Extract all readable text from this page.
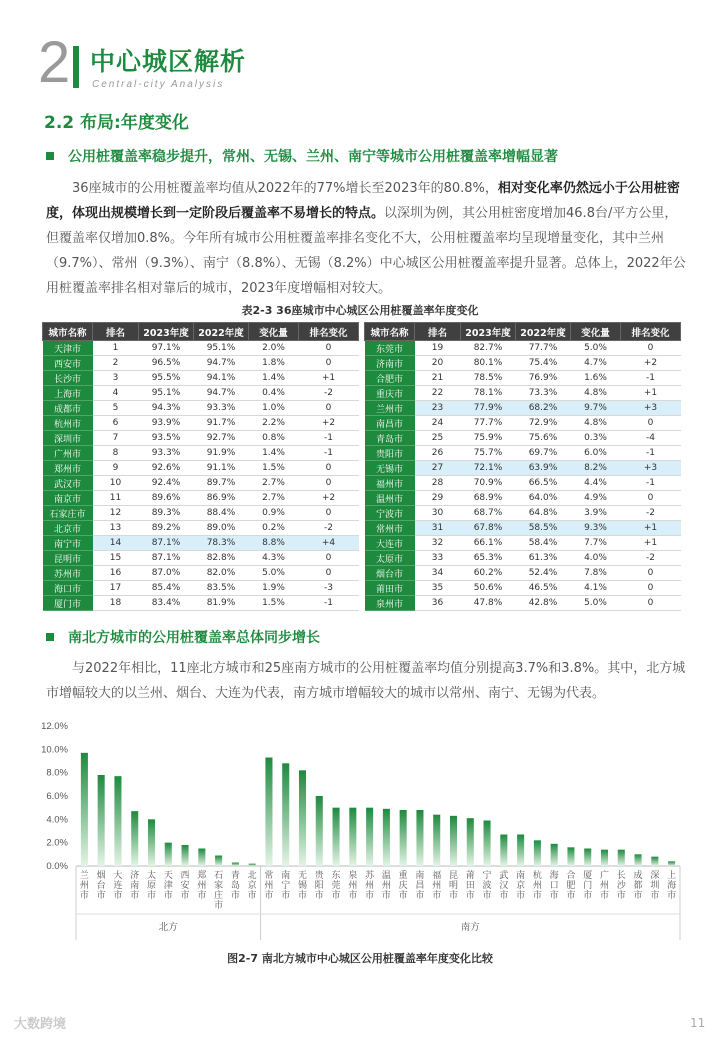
2 中心城区解析
Central-city Analysis
2.2 布局:年度变化
公用桩覆盖率稳步提升，常州、无锡、兰州、南宁等城市公用桩覆盖率增幅显著
36座城市的公用桩覆盖率均值从2022年的77%增长至2023年的80.8%，相对变化率仍然远小于公用桩密度，体现出规模增长到一定阶段后覆盖率不易增长的特点。以深圳为例，其公用桩密度增加46.8台/平方公里，但覆盖率仅增加0.8%。今年所有城市公用桩覆盖率排名变化不大，公用桩覆盖率均呈现增量变化，其中兰州（9.7%）、常州（9.3%）、南宁（8.8%）、无锡（8.2%）中心城区公用桩覆盖率提升显著。总体上，2022年公用桩覆盖率排名相对靠后的城市，2023年度增幅相对较大。
表2-3 36座城市中心城区公用桩覆盖率年度变化
城市名称	排名	2023年度	2022年度	变化量	排名变化
天津市	1	97.1%	95.1%	2.0%	0
西安市	2	96.5%	94.7%	1.8%	0
长沙市	3	95.5%	94.1%	1.4%	+1
上海市	4	95.1%	94.7%	0.4%	-2
成都市	5	94.3%	93.3%	1.0%	0
杭州市	6	93.9%	91.7%	2.2%	+2
深圳市	7	93.5%	92.7%	0.8%	-1
广州市	8	93.3%	91.9%	1.4%	-1
郑州市	9	92.6%	91.1%	1.5%	0
武汉市	10	92.4%	89.7%	2.7%	0
南京市	11	89.6%	86.9%	2.7%	+2
石家庄市	12	89.3%	88.4%	0.9%	0
北京市	13	89.2%	89.0%	0.2%	-2
南宁市	14	87.1%	78.3%	8.8%	+4
昆明市	15	87.1%	82.8%	4.3%	0
苏州市	16	87.0%	82.0%	5.0%	0
海口市	17	85.4%	83.5%	1.9%	-3
厦门市	18	83.4%	81.9%	1.5%	-1
城市名称	排名	2023年度	2022年度	变化量	排名变化
东莞市	19	82.7%	77.7%	5.0%	0
济南市	20	80.1%	75.4%	4.7%	+2
合肥市	21	78.5%	76.9%	1.6%	-1
重庆市	22	78.1%	73.3%	4.8%	+1
兰州市	23	77.9%	68.2%	9.7%	+3
南昌市	24	77.7%	72.9%	4.8%	0
青岛市	25	75.9%	75.6%	0.3%	-4
贵阳市	26	75.7%	69.7%	6.0%	-1
无锡市	27	72.1%	63.9%	8.2%	+3
福州市	28	70.9%	66.5%	4.4%	-1
温州市	29	68.9%	64.0%	4.9%	0
宁波市	30	68.7%	64.8%	3.9%	-2
常州市	31	67.8%	58.5%	9.3%	+1
大连市	32	66.1%	58.4%	7.7%	+1
太原市	33	65.3%	61.3%	4.0%	-2
烟台市	34	60.2%	52.4%	7.8%	0
莆田市	35	50.6%	46.5%	4.1%	0
泉州市	36	47.8%	42.8%	5.0%	0
南北方城市的公用桩覆盖率总体同步增长
与2022年相比，11座北方城市和25座南方城市的公用桩覆盖率均值分别提高3.7%和3.8%。其中，北方城市增幅较大的以兰州、烟台、大连为代表，南方城市增幅较大的城市以常州、南宁、无锡为代表。
0.0%
2.0%
4.0%
6.0%
8.0%
10.0%
12.0%
兰州市
烟台市
大连市
济南市
太原市
天津市
西安市
郑州市
石家庄市
青岛市
北京市
北方
常州市
南宁市
无锡市
贵阳市
东莞市
泉州市
苏州市
温州市
重庆市
南昌市
福州市
昆明市
莆田市
宁波市
武汉市
南京市
杭州市
海口市
合肥市
厦门市
广州市
长沙市
成都市
深圳市
上海市
南方
图2-7 南北方城市中心城区公用桩覆盖率年度变化比较
大数跨境	11
